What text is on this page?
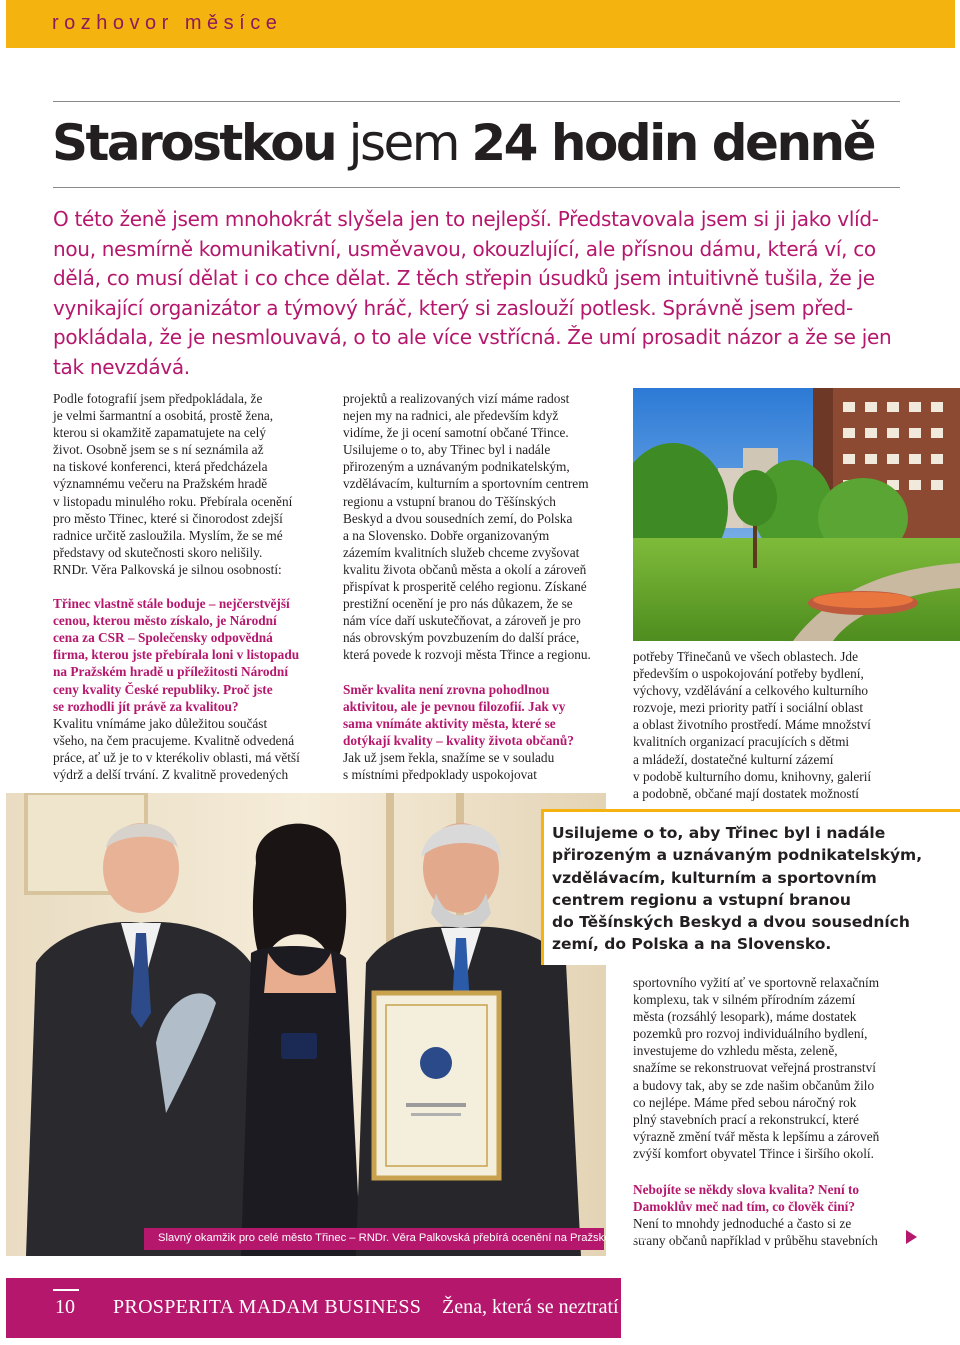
rozhovor měsíce
Starostkou jsem 24 hodin denně
O této ženě jsem mnohokrát slyšela jen to nejlepší. Představovala jsem si ji jako vlíd-
nou, nesmírně komunikativní, usměvavou, okouzlující, ale přísnou dámu, která ví, co
dělá, co musí dělat i co chce dělat. Z těch střepin úsudků jsem intuitivně tušila, že je
vynikající organizátor a týmový hráč, který si zaslouží potlesk. Správně jsem před-
pokládala, že je nesmlouvavá, o to ale více vstřícná. Že umí prosadit názor a že se jen
tak nevzdává.
Podle fotografií jsem předpokládala, že
je velmi šarmantní a osobitá, prostě žena,
kterou si okamžitě zapamatujete na celý
život. Osobně jsem se s ní seznámila až
na tiskové konferenci, která předcházela
významnému večeru na Pražském hradě
v listopadu minulého roku. Přebírala ocenění
pro město Třinec, které si činorodost zdejší
radnice určitě zasloužila. Myslím, že se mé
představy od skutečnosti skoro nelišily.
RNDr. Věra Palkovská je silnou osobností:
Třinec vlastně stále boduje – nejčerstvější
cenou, kterou město získalo, je Národní
cena za CSR – Společensky odpovědná
firma, kterou jste přebírala loni v listopadu
na Pražském hradě u příležitosti Národní
ceny kvality České republiky. Proč jste
se rozhodli jít právě za kvalitou?
Kvalitu vnímáme jako důležitou součást
všeho, na čem pracujeme. Kvalitně odvedená
práce, ať už je to v kterékoliv oblasti, má větší
výdrž a delší trvání. Z kvalitně provedených
projektů a realizovaných vizí máme radost
nejen my na radnici, ale především když
vidíme, že ji ocení samotní občané Třince.
Usilujeme o to, aby Třinec byl i nadále
přirozeným a uznávaným podnikatelským,
vzdělávacím, kulturním a sportovním centrem
regionu a vstupní branou do Těšínských
Beskyd a dvou sousedních zemí, do Polska
a na Slovensko. Dobře organizovaným
zázemím kvalitních služeb chceme zvyšovat
kvalitu života občanů města a okolí a zároveň
přispívat k prosperitě celého regionu. Získané
prestižní ocenění je pro nás důkazem, že se
nám více daří uskutečňovat, a zároveň je pro
nás obrovským povzbuzením do další práce,
která povede k rozvoji města Třince a regionu.
Směr kvalita není zrovna pohodlnou
aktivitou, ale je pevnou filozofií. Jak vy
sama vnímáte aktivity města, které se
dotýkají kvality – kvality života občanů?
Jak už jsem řekla, snažíme se v souladu
s místními předpoklady uspokojovat
potřeby Třinečanů ve všech oblastech. Jde
především o uspokojování potřeby bydlení,
výchovy, vzdělávání a celkového kulturního
rozvoje, mezi priority patří i sociální oblast
a oblast životního prostředí. Máme množství
kvalitních organizací pracujících s dětmi
a mládeží, dostatečné kulturní zázemí
v podobě kulturního domu, knihovny, galerií
a podobně, občané mají dostatek možností
Usilujeme o to, aby Třinec byl i nadále
přirozeným a uznávaným podnikatelským,
vzdělávacím, kulturním a sportovním
centrem regionu a vstupní branou
do Těšínských Beskyd a dvou sousedních
zemí, do Polska a na Slovensko.
sportovního vyžití ať ve sportovně relaxačním
komplexu, tak v silném přírodním zázemí
města (rozsáhlý lesopark), máme dostatek
pozemků pro rozvoj individuálního bydlení,
investujeme do vzhledu města, zeleně,
snažíme se rekonstruovat veřejná prostranství
a budovy tak, aby se zde našim občanům žilo
co nejlépe. Máme před sebou náročný rok
plný stavebních prací a rekonstrukcí, které
výrazně změní tvář města k lepšímu a zároveň
zvýší komfort obyvatel Třince i širšího okolí.
Nebojíte se někdy slova kvalita? Není to
Damoklův meč nad tím, co člověk činí?
Není to mnohdy jednoduché a často si ze
strany občanů například v průběhu stavebních
Slavný okamžik pro celé město Třinec – RNDr. Věra Palkovská přebírá ocenění na Pražském hradě
10 PROSPERITA MADAM BUSINESS Žena, která se neztratí
